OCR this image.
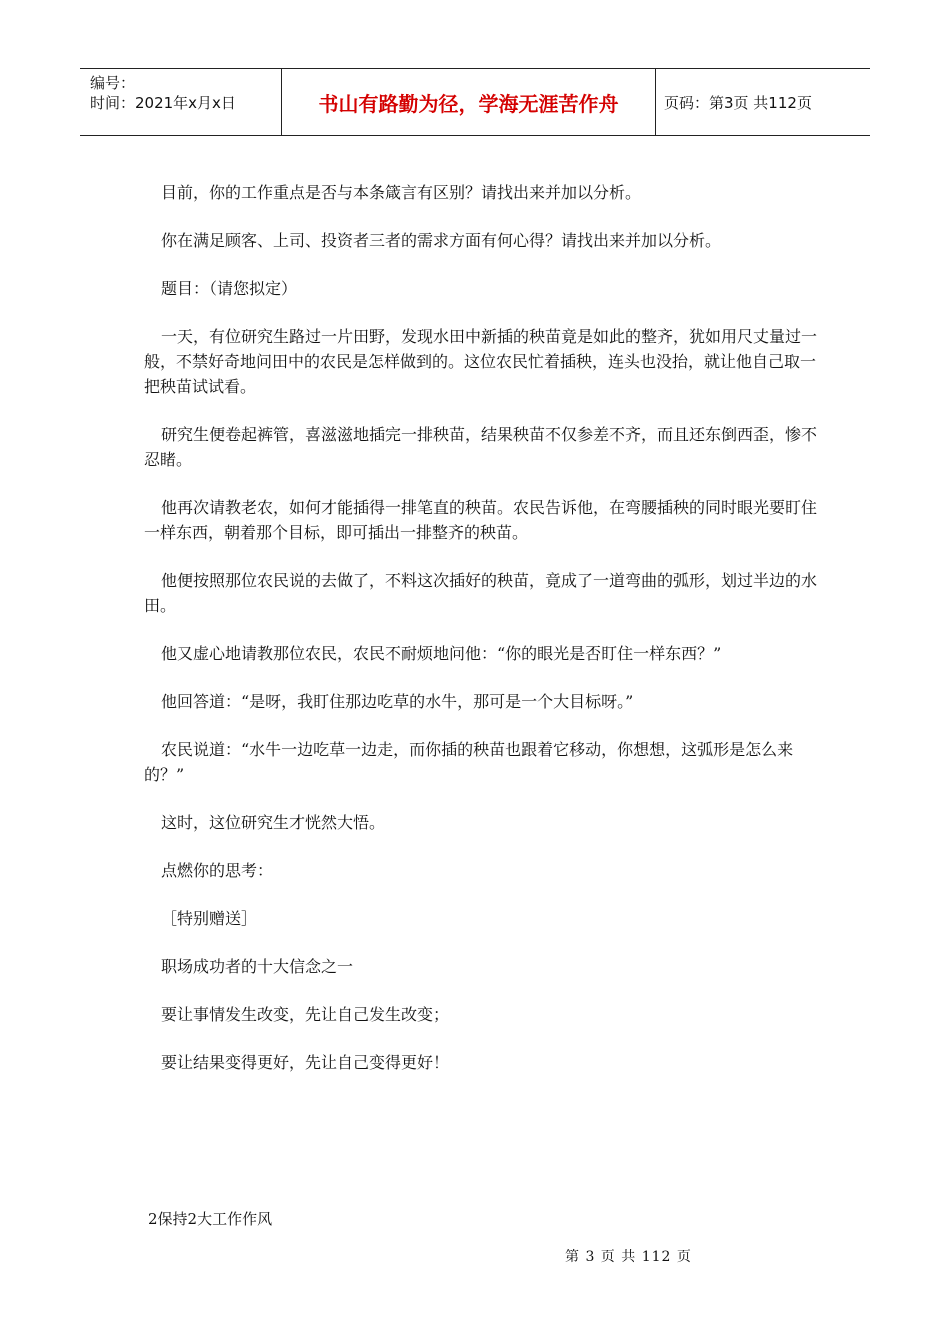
编号：
时间：2021年x月x日	书山有路勤为径，学海无涯苦作舟	页码：第3页 共112页

目前，你的工作重点是否与本条箴言有区别？请找出来并加以分析。

你在满足顾客、上司、投资者三者的需求方面有何心得？请找出来并加以分析。

题目：（请您拟定）

一天，有位研究生路过一片田野，发现水田中新插的秧苗竟是如此的整齐，犹如用尺丈量过一般，不禁好奇地问田中的农民是怎样做到的。这位农民忙着插秧，连头也没抬，就让他自己取一把秧苗试试看。

研究生便卷起裤管，喜滋滋地插完一排秧苗，结果秧苗不仅参差不齐，而且还东倒西歪，惨不忍睹。

他再次请教老农，如何才能插得一排笔直的秧苗。农民告诉他，在弯腰插秧的同时眼光要盯住一样东西，朝着那个目标，即可插出一排整齐的秧苗。

他便按照那位农民说的去做了，不料这次插好的秧苗，竟成了一道弯曲的弧形，划过半边的水田。

他又虚心地请教那位农民，农民不耐烦地问他：“你的眼光是否盯住一样东西？”

他回答道：“是呀，我盯住那边吃草的水牛，那可是一个大目标呀。”

农民说道：“水牛一边吃草一边走，而你插的秧苗也跟着它移动，你想想，这弧形是怎么来的？”

这时，这位研究生才恍然大悟。

点燃你的思考：

［特别赠送］

职场成功者的十大信念之一

要让事情发生改变，先让自己发生改变；

要让结果变得更好，先让自己变得更好！

2保持2大工作作风
第 3 页 共 112 页
